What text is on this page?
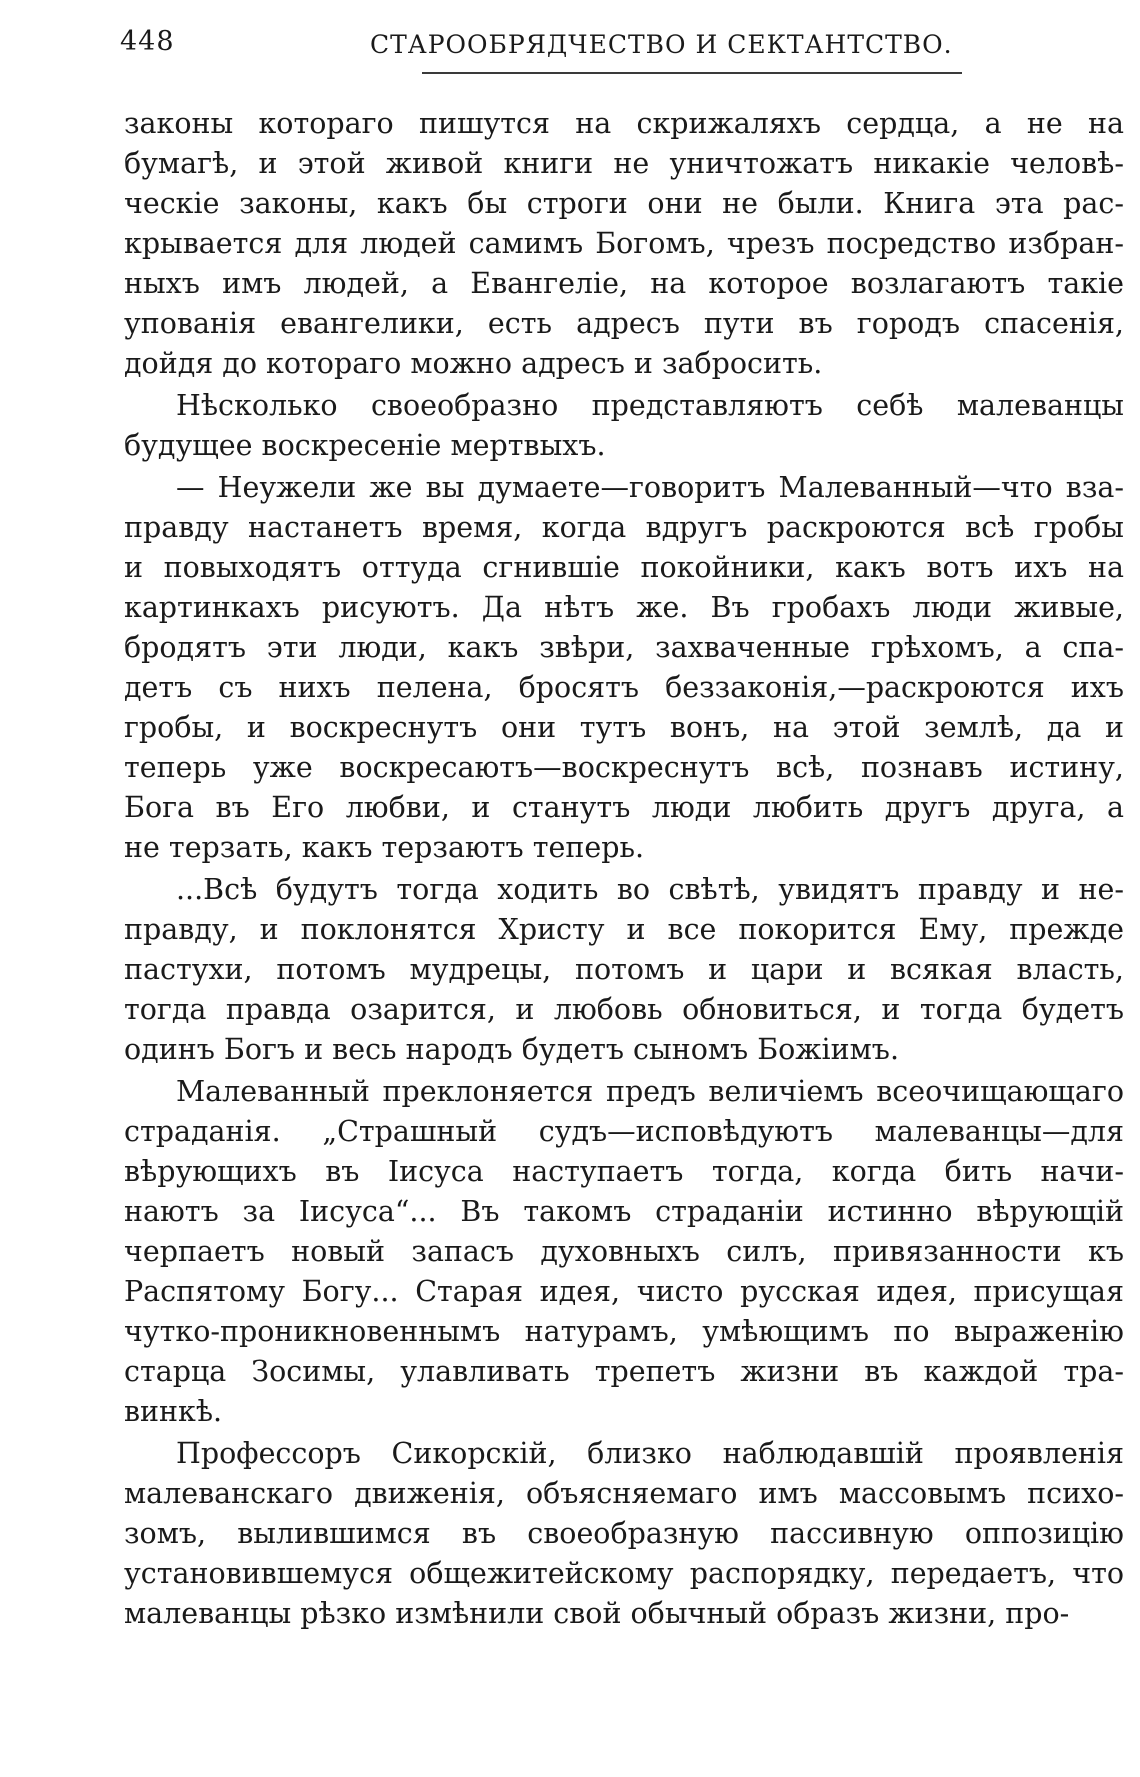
448	СТАРООБРЯДЧЕСТВО И СЕКТАНТСТВО.
законы котораго пишутся на скрижаляхъ сердца, а не на
бумагѣ, и этой живой книги не уничтожатъ никакіе человѣ-
ческіе законы, какъ бы строги они не были. Книга эта рас-
крывается для людей самимъ Богомъ, чрезъ посредство избран-
ныхъ имъ людей, а Евангеліе, на которое возлагаютъ такіе
упованія евангелики, есть адресъ пути въ городъ спасенія,
дойдя до котораго можно адресъ и забросить.
Нѣсколько своеобразно представляютъ себѣ малеванцы
будущее воскресеніе мертвыхъ.
— Неужели же вы думаете—говоритъ Малеванный—что взa-
правду настанетъ время, когда вдругъ раскроются всѣ гробы
и повыходятъ оттуда сгнившіе покойники, какъ вотъ ихъ на
картинкахъ рисуютъ. Да нѣтъ же. Въ гробахъ люди живые,
бродятъ эти люди, какъ звѣри, захваченные грѣхомъ, а спа-
детъ съ нихъ пелена, бросятъ беззаконія,—раскроются ихъ
гробы, и воскреснутъ они тутъ вонъ, на этой землѣ, да и
теперь уже воскресаютъ—воскреснутъ всѣ, познавъ истину,
Бога въ Его любви, и станутъ люди любить другъ друга, а
не терзать, какъ терзаютъ теперь.
...Всѣ будутъ тогда ходить во свѣтѣ, увидятъ правду и не-
правду, и поклонятся Христу и все покорится Ему, прежде
пастухи, потомъ мудрецы, потомъ и цари и всякая власть,
тогда правда озарится, и любовь обновиться, и тогда будетъ
одинъ Богъ и весь народъ будетъ сыномъ Божіимъ.
Малеванный преклоняется предъ величіемъ всеочищающаго
страданія. „Страшный судъ—исповѣдуютъ малеванцы—для
вѣрующихъ въ Іисуса наступаетъ тогда, когда бить начи-
наютъ за Іисуса“... Въ такомъ страданіи истинно вѣрующій
черпаетъ новый запасъ духовныхъ силъ, привязанности къ
Распятому Богу... Старая идея, чисто русская идея, присущая
чутко-проникновеннымъ натурамъ, умѣющимъ по выраженію
старца Зосимы, улавливать трепетъ жизни въ каждой тра-
винкѣ.
Профессоръ Сикорскій, близко наблюдавшій проявленія
малеванскаго движенія, объясняемаго имъ массовымъ психо-
зомъ, вылившимся въ своеобразную пассивную оппозицію
установившемуся общежитейскому распорядку, передаетъ, что
малеванцы рѣзко измѣнили свой обычный образъ жизни, про-
